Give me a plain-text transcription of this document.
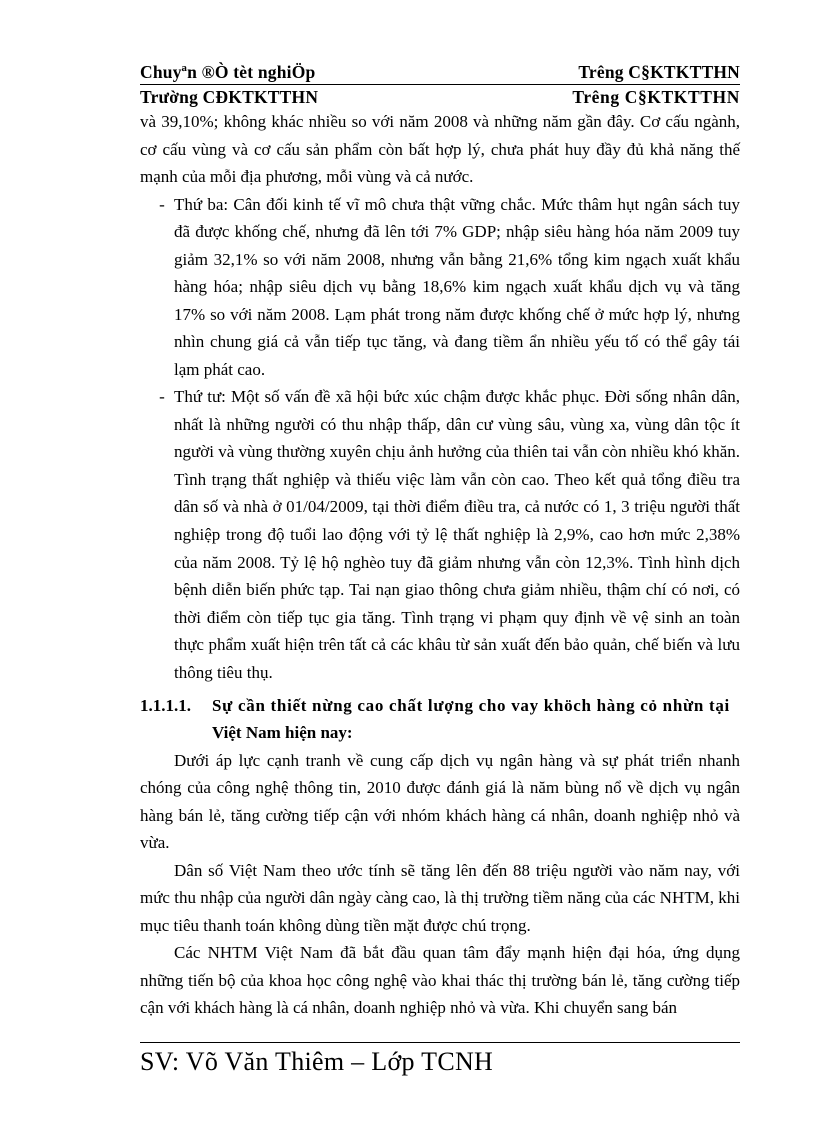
Chuyªn ®Ò tèt nghiÖp	Trêng C§KTKTTHN
Trường CĐKTKTTHN	Trêng C§KTKTTHN

và 39,10%; không khác nhiều so với năm 2008 và những năm gần đây. Cơ cấu ngành, cơ cấu vùng và cơ cấu sản phẩm còn bất hợp lý, chưa phát huy đầy đủ khả năng thế mạnh của mỗi địa phương, mỗi vùng và cả nước.

- Thứ ba: Cân đối kinh tế vĩ mô chưa thật vững chắc. Mức thâm hụt ngân sách tuy đã được khống chế, nhưng đã lên tới 7% GDP; nhập siêu hàng hóa năm 2009 tuy giảm 32,1% so với năm 2008, nhưng vẫn bằng 21,6% tổng kim ngạch xuất khẩu hàng hóa; nhập siêu dịch vụ bằng 18,6% kim ngạch xuất khẩu dịch vụ và tăng 17% so với năm 2008. Lạm phát trong năm được khống chế ở mức hợp lý, nhưng nhìn chung giá cả vẫn tiếp tục tăng, và đang tiềm ẩn nhiều yếu tố có thể gây tái lạm phát cao.
- Thứ tư: Một số vấn đề xã hội bức xúc chậm được khắc phục. Đời sống nhân dân, nhất là những người có thu nhập thấp, dân cư vùng sâu, vùng xa, vùng dân tộc ít người và vùng thường xuyên chịu ảnh hưởng của thiên tai vẫn còn nhiều khó khăn. Tình trạng thất nghiệp và thiếu việc làm vẫn còn cao. Theo kết quả tổng điều tra dân số và nhà ở 01/04/2009, tại thời điểm điều tra, cả nước có 1, 3 triệu người thất nghiệp trong độ tuổi lao động với tỷ lệ thất nghiệp là 2,9%, cao hơn mức 2,38% của năm 2008. Tỷ lệ hộ nghèo tuy đã giảm nhưng vẫn còn 12,3%. Tình hình dịch bệnh diễn biến phức tạp. Tai nạn giao thông chưa giảm nhiều, thậm chí có nơi, có thời điểm còn tiếp tục gia tăng. Tình trạng vi phạm quy định về vệ sinh an toàn thực phẩm xuất hiện trên tất cả các khâu từ sản xuất đến bảo quản, chế biến và lưu thông tiêu thụ.
1.1.1.1.	Sự cần thiết nừng cao chất lượng cho vay khöch hàng cỏ nhừn tại
Việt Nam hiện nay:

Dưới áp lực cạnh tranh về cung cấp dịch vụ ngân hàng và sự phát triển nhanh chóng của công nghệ thông tin, 2010 được đánh giá là năm bùng nổ về dịch vụ ngân hàng bán lẻ, tăng cường tiếp cận với nhóm khách hàng cá nhân, doanh nghiệp nhỏ và vừa.

Dân số Việt Nam theo ước tính sẽ tăng lên đến 88 triệu người vào năm nay, với mức thu nhập của người dân ngày càng cao, là thị trường tiềm năng của các NHTM, khi mục tiêu thanh toán không dùng tiền mặt được chú trọng.

Các NHTM Việt Nam đã bắt đầu quan tâm đẩy mạnh hiện đại hóa, ứng dụng những tiến bộ của khoa học công nghệ vào khai thác thị trường bán lẻ, tăng cường tiếp cận với khách hàng là cá nhân, doanh nghiệp nhỏ và vừa. Khi chuyển sang bán

SV: Võ Văn Thiêm – Lớp TCNH
